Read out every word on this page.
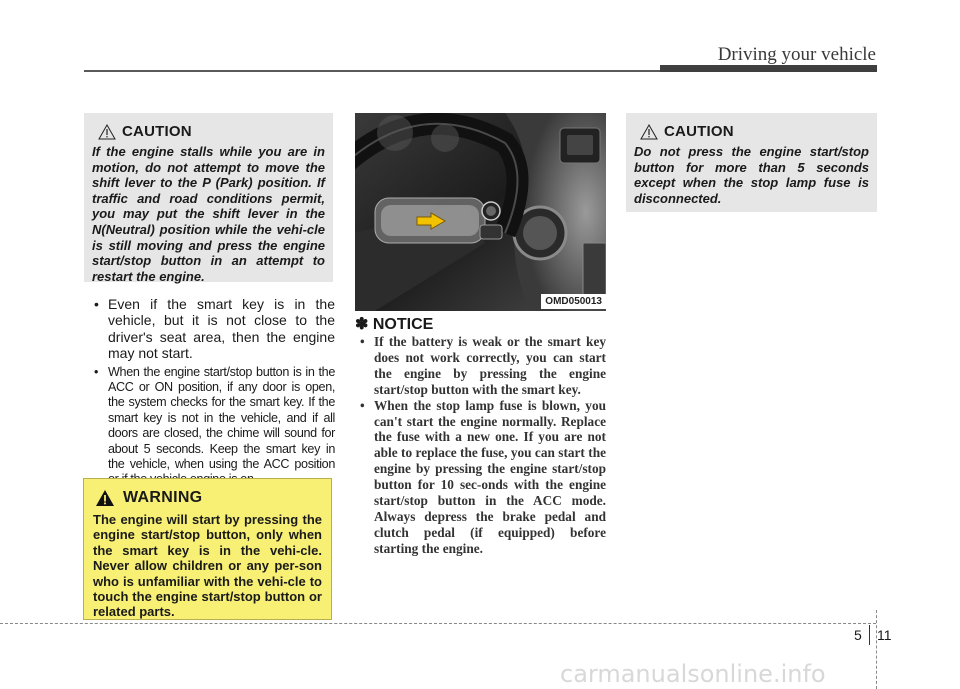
Driving your vehicle
CAUTION

If the engine stalls while you are in motion, do not attempt to move the shift lever to the P (Park) position. If traffic and road conditions permit, you may put the shift lever in the N(Neutral) position while the vehi-cle is still moving and press the engine start/stop button in an attempt to restart the engine.

• Even if the smart key is in the vehicle, but it is not close to the driver's seat area, then the engine may not start.
• When the engine start/stop button is in the ACC or ON position, if any door is open, the system checks for the smart key. If the smart key is not in the vehicle, and if all doors are closed, the chime will sound for about 5 seconds. Keep the smart key in the vehicle, when using the ACC position
WARNING

The engine will start by pressing the engine start/stop button, only when the smart key is in the vehi-cle. Never allow children or any per-son who is unfamiliar with the vehi-cle to touch the engine start/stop button or related parts.

OMD050013
✽ NOTICE
• If the battery is weak or the smart key does not work correctly, you can start the engine by pressing the engine start/stop button with the smart key.
• When the stop lamp fuse is blown, you can't start the engine normally. Replace the fuse with a new one. If you are not able to replace the fuse, you can start the engine by pressing the engine start/stop button for 10 sec-onds with the engine start/stop button in the ACC mode. Always depress the brake pedal and clutch pedal (if equipped) before starting the engine.
CAUTION

Do not press the engine start/stop button for more than 5 seconds except when the stop lamp fuse is disconnected.

5 11
carmanualsonline.info
